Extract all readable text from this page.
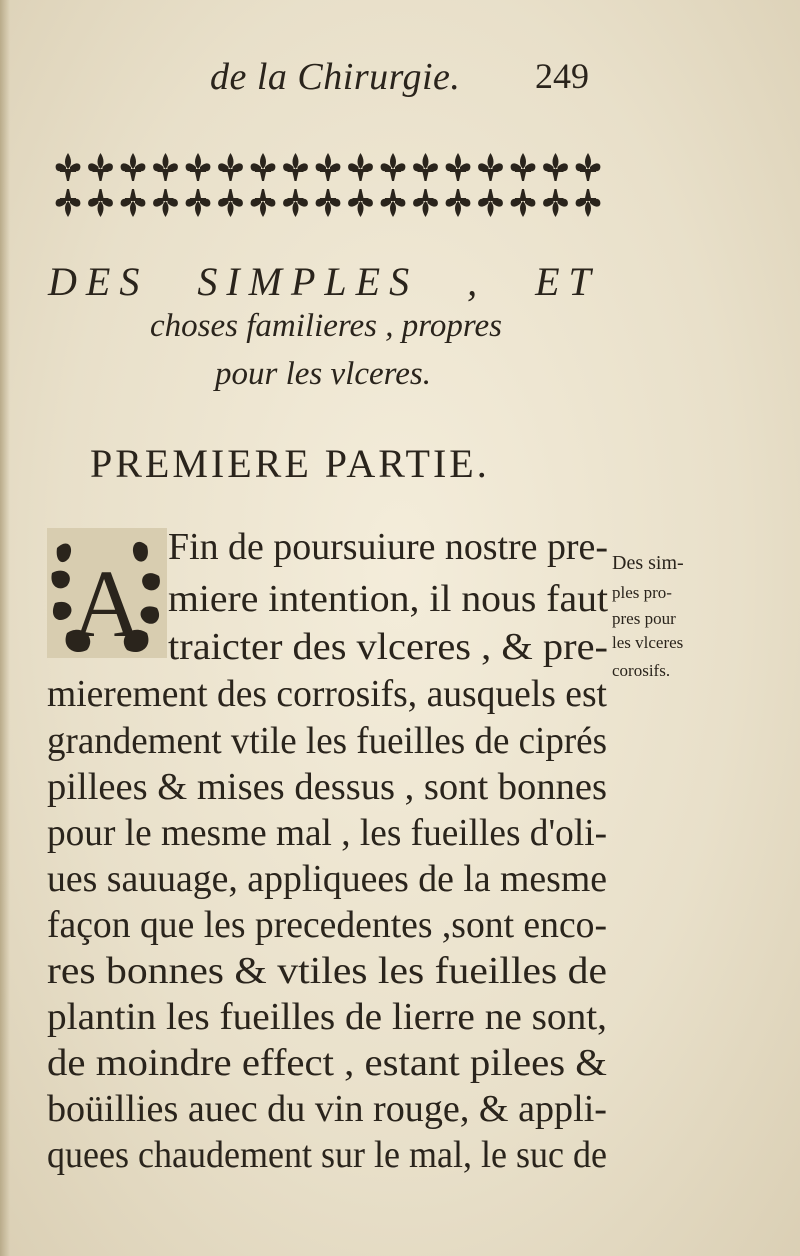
de la Chirurgie. 249
DES SIMPLES , ET
choses familieres , propres
pour les vlceres.
PREMIERE PARTIE.
A
Fin de poursuiure nostre pre-
miere intention, il nous faut
traicter des vlceres , & pre-
mierement des corrosifs, ausquels est
grandement vtile les fueilles de ciprés
pillees & mises dessus , sont bonnes
pour le mesme mal , les fueilles d'oli-
ues sauuage, appliquees de la mesme
façon que les precedentes ,sont enco-
res bonnes & vtiles les fueilles de
plantin les fueilles de lierre ne sont,
de moindre effect , estant pilees &
boüillies auec du vin rouge, & appli-
quees chaudement sur le mal, le suc de
Des sim-
ples pro-
pres pour
les vlceres
corosifs.
